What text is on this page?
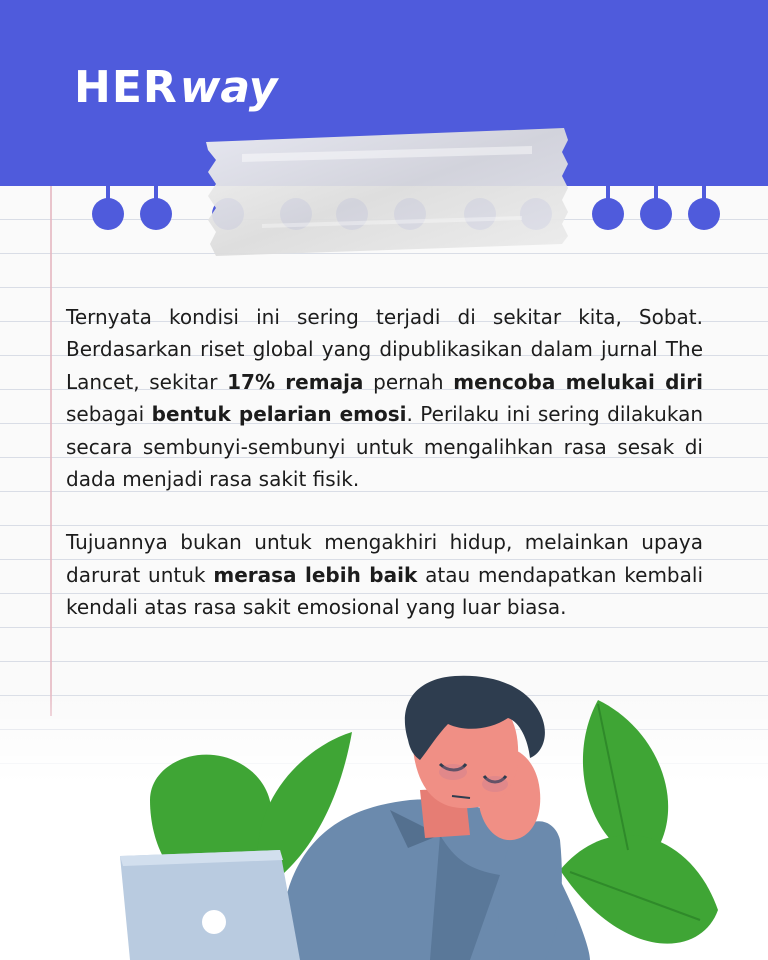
HERway

Ternyata kondisi ini sering terjadi di sekitar kita, Sobat. Berdasarkan riset global yang dipublikasikan dalam jurnal The Lancet, sekitar 17% remaja pernah mencoba melukai diri sebagai bentuk pelarian emosi. Perilaku ini sering dilakukan secara sembunyi-sembunyi untuk mengalihkan rasa sesak di dada menjadi rasa sakit fisik.

Tujuannya bukan untuk mengakhiri hidup, melainkan upaya darurat untuk merasa lebih baik atau mendapatkan kembali kendali atas rasa sakit emosional yang luar biasa.
